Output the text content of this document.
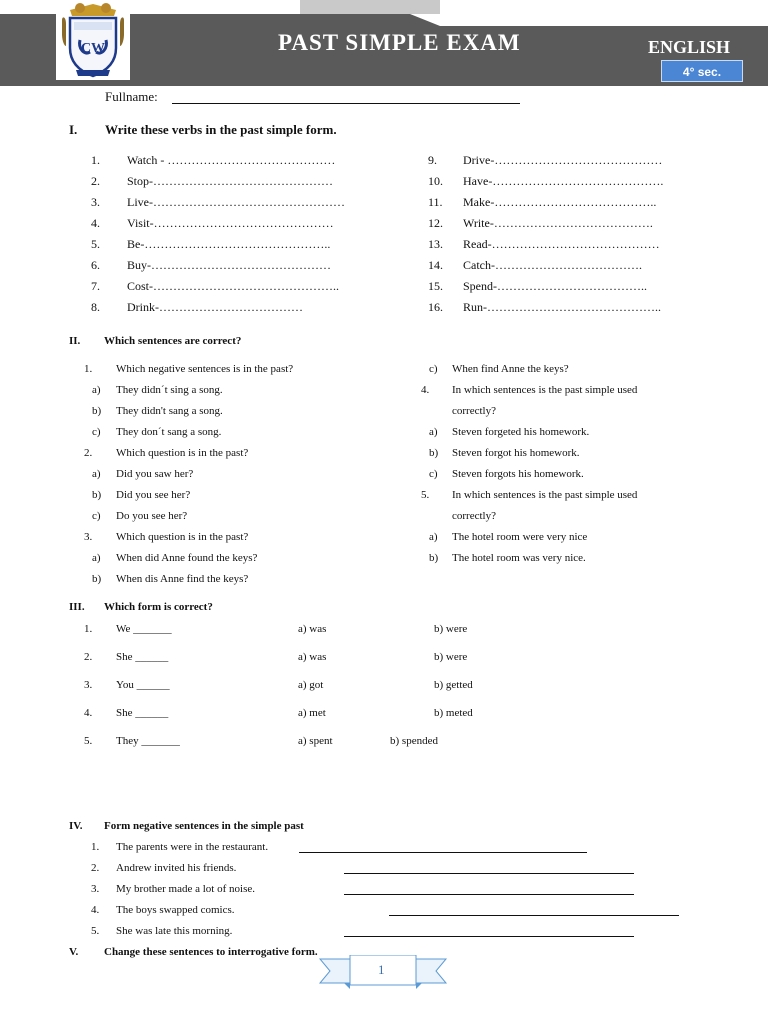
CW	PAST SIMPLE EXAM	ENGLISH
4° sec.
Fullname:
I. Write these verbs in the past simple form.
1. Watch - ……………………………………
2. Stop-………………………………………
3. Live-…………………………………………
4. Visit-………………………………………
5. Be-………………………………………..
6. Buy-………………………………………
7. Cost-………………………………………..
8. Drink-………………………………
9. Drive-……………………………………
10. Have-…………………………………….
11. Make-…………………………………..
12. Write-………………………………….
13. Read-……………………………………
14. Catch-……………………………….
15. Spend-………………………………..
16. Run-……………………………………..
II. Which sentences are correct?
1. Which negative sentences is in the past?
a) They didn´t sing a song.
b) They didn't sang a song.
c) They don´t sang a song.
2. Which question is in the past?
a) Did you saw her?
b) Did you see her?
c) Do you see her?
3. Which question is in the past?
a) When did Anne found the keys?
b) When dis Anne find the keys?
c) When find Anne the keys?
4. In which sentences is the past simple used
correctly?
a) Steven forgeted his homework.
b) Steven forgot his homework.
c) Steven forgots his homework.
5. In which sentences is the past simple used
correctly?
a) The hotel room were very nice
b) The hotel room was very nice.
III. Which form is correct?
1. We _______	a) was	b) were
2. She ______	a) was	b) were
3. You ______	a) got	b) getted
4. She ______	a) met	b) meted
5. They _______	a) spent	b) spended
IV. Form negative sentences in the simple past
1. The parents were in the restaurant.
2. Andrew invited his friends.
3. My brother made a lot of noise.
4. The boys swapped comics.
5. She was late this morning.
V. Change these sentences to interrogative form.
1
